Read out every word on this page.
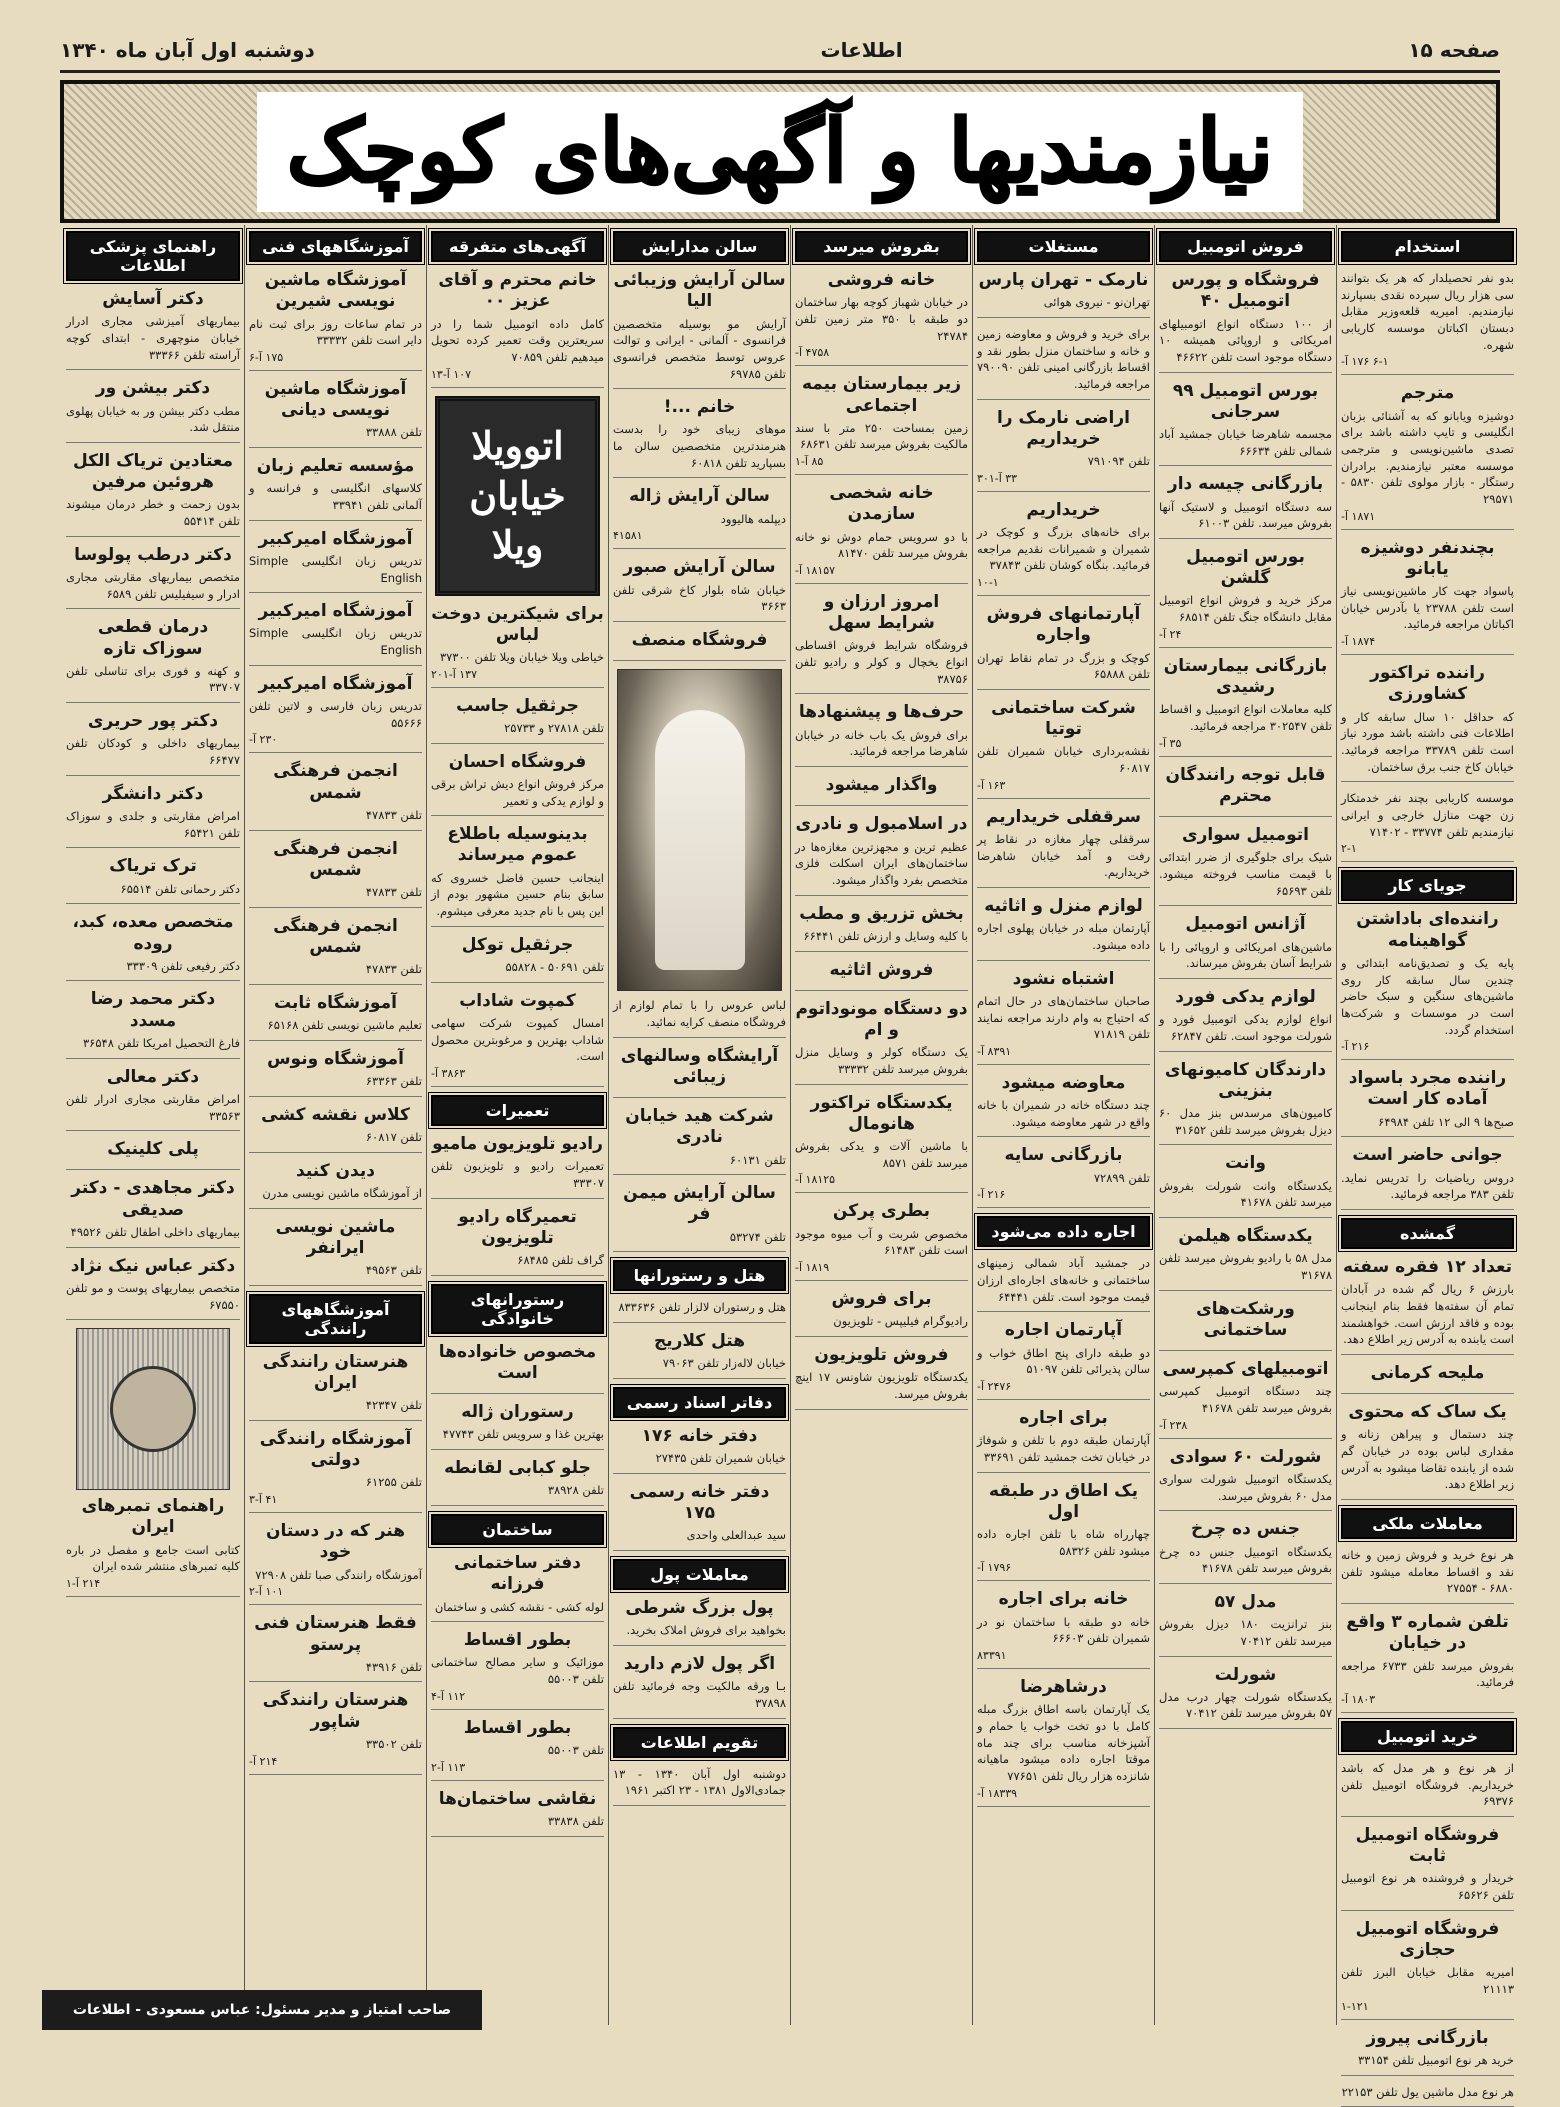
صفحه ۱۵
اطلاعات
دوشنبه اول آبان ماه ۱۳۴۰
نیازمندیها و آگهی‌های کوچک
استخدام

بدو نفر تحصیلدار که هر یک بتوانند سی هزار ریال سپرده نقدی بسپارند نیازمندیم. امیریه قلعه‌وزیر مقابل دبستان اکباتان موسسه کاریابی شهره.

۶-۱ ۱۷۶ آ-
مترجم

دوشیزه ویابانو که به آشنائی بزبان انگلیسی و تایپ داشته باشد برای تصدی ماشین‌نویسی و مترجمی موسسه معتبر نیازمندیم. برادران رستگار - بازار مولوی تلفن ۵۸۳۰ - ۲۹۵۷۱

۱۸۷۱ آ-
بچندنفر دوشیزه یابانو

پاسواد جهت کار ماشین‌نویسی نیاز است تلفن ۲۳۷۸۸ یا بآدرس خیابان اکباتان مراجعه فرمائید.

۱۸۷۴ آ-
راننده تراکتور کشاورزی

که حداقل ۱۰ سال سابقه کار و اطلاعات فنی داشته باشد مورد نیاز است تلفن ۳۳۷۸۹ مراجعه فرمائید. خیابان کاخ جنب برق ساختمان.

موسسه کاریابی بچند نفر خدمتکار زن جهت منازل خارجی و ایرانی نیازمندیم تلفن ۳۳۷۷۴ - ۷۱۴۰۲

۲-۱
جویای کار
راننده‌ای باداشتن گواهینامه

پایه یک و تصدیق‌نامه ابتدائی و چندین سال سابقه کار روی ماشین‌های سنگین و سبک حاضر است در موسسات و شرکت‌ها استخدام گردد.

۲۱۶ آ-
راننده مجرد باسواد آماده کار است

صبح‌ها ۹ الی ۱۲ تلفن ۶۴۹۸۴

جوانی حاضر است

دروس ریاضیات را تدریس نماید. تلفن ۳۸۳ مراجعه فرمائید.

گمشده
تعداد ۱۲ فقره سفته

بارزش ۶ ریال گم شده در آبادان تمام آن سفته‌ها فقط بنام اینجانب بوده و فاقد ارزش است. خواهشمند است یابنده به آدرس زیر اطلاع دهد.

ملیحه کرمانی
یک ساک که محتوی

چند دستمال و پیراهن زنانه و مقداری لباس بوده در خیابان گم شده از یابنده تقاضا میشود به آدرس زیر اطلاع دهد.

معاملات ملکی

هر نوع خرید و فروش زمین و خانه نقد و اقساط معامله میشود تلفن ۶۸۸۰ - ۲۷۵۵۴

تلفن شماره ۳ واقع در خیابان

بفروش میرسد تلفن ۶۷۳۳ مراجعه فرمائید.

۱۸۰۳ آ-
خرید اتومبیل

از هر نوع و هر مدل که باشد خریداریم. فروشگاه اتومبیل تلفن ۶۹۳۷۶

فروشگاه اتومبیل ثابت

خریدار و فروشنده هر نوع اتومبیل تلفن ۶۵۶۲۶

فروشگاه اتومبیل حجازی

امیریه مقابل خیابان البرز تلفن ۲۱۱۱۳

۱-۱۲۱
بازرگانی پیروز

خرید هر نوع اتومبیل تلفن ۳۳۱۵۴

هر نوع مدل ماشین یول تلفن ۲۲۱۵۳

فروش اتومبیل
فروشگاه و پورس اتومبیل ۴۰

از ۱۰۰ دستگاه انواع اتومبیلهای امریکائی و اروپائی همیشه ۱۰ دستگاه موجود است تلفن ۴۶۶۲۲

بورس اتومبیل ۹۹ سرجانی

مجسمه شاهرضا خیابان جمشید آباد شمالی تلفن ۶۶۶۳۴

بازرگانی چیسه دار

سه دستگاه اتومبیل و لاستیک آنها بفروش میرسد. تلفن ۶۱۰۰۳

بورس اتومبیل گلشن

مرکز خرید و فروش انواع اتومبیل مقابل دانشگاه جنگ تلفن ۶۸۵۱۴

۲۴ آ-
بازرگانی بیمارستان رشیدی

کلیه معاملات انواع اتومبیل و اقساط تلفن ۳۰۲۵۴۷ مراجعه فرمائید.

۳۵ آ-
قابل توجه رانندگان محترم
اتومبیل سواری

شیک برای جلوگیری از ضرر ابتدائی با قیمت مناسب فروخته میشود. تلفن ۶۵۶۹۳

آژانس اتومبیل

ماشین‌های امریکائی و اروپائی را با شرایط آسان بفروش میرساند.

لوازم یدکی فورد

انواع لوازم یدکی اتومبیل فورد و شورلت موجود است. تلفن ۶۲۸۴۷

دارندگان کامیونهای بنزینی

کامیون‌های مرسدس بنز مدل ۶۰ دیزل بفروش میرسد تلفن ۳۱۶۵۲

وانت

یکدستگاه وانت شورلت بفروش میرسد تلفن ۴۱۶۷۸

یکدستگاه هیلمن

مدل ۵۸ با رادیو بفروش میرسد تلفن ۳۱۶۷۸

ورشکت‌های ساختمانی
اتومبیلهای کمپرسی

چند دستگاه اتومبیل کمپرسی بفروش میرسد تلفن ۴۱۶۷۸

۲۳۸ آ-
شورلت ۶۰ سوادی

یکدستگاه اتومبیل شورلت سواری مدل ۶۰ بفروش میرسد.

جنس ده چرخ

یکدستگاه اتومبیل جنس ده چرخ بفروش میرسد تلفن ۴۱۶۷۸

مدل ۵۷

بنز ترانزیت ۱۸۰ دیزل بفروش میرسد تلفن ۷۰۴۱۲

شورلت

یکدستگاه شورلت چهار درب مدل ۵۷ بفروش میرسد تلفن ۷۰۴۱۲

مستغلات
نارمک - تهران پارس

تهران‌نو - نیروی هوائی

برای خرید و فروش و معاوضه زمین و خانه و ساختمان منزل بطور نقد و اقساط بازرگانی امینی تلفن ۷۹۰۰۹۰ مراجعه فرمائید.

اراضی نارمک را خریداریم

تلفن ۷۹۱۰۹۴

۳۳ آ-۳۰۱
خریداریم

برای خانه‌های بزرگ و کوچک در شمیران و شمیرانات نقدیم مراجعه فرمائید. بنگاه کوشان تلفن ۳۷۸۴۳

۱۰-۱
آپارتمانهای فروش واجاره

کوچک و بزرگ در تمام نقاط تهران تلفن ۶۵۸۸۸

شرکت ساختمانی توتیا

نقشه‌برداری خیابان شمیران تلفن ۶۰۸۱۷

۱۶۳ آ-
سرقفلی خریداریم

سرقفلی چهار مغازه در نقاط پر رفت و آمد خیابان شاهرضا خریداریم.

لوازم منزل و اثاثیه

آپارتمان مبله در خیابان پهلوی اجاره داده میشود.

اشتباه نشود

صاحبان ساختمان‌های در حال اتمام که احتیاج به وام دارند مراجعه نمایند تلفن ۷۱۸۱۹

۸۳۹۱ آ-
معاوضه میشود

چند دستگاه خانه در شمیران با خانه واقع در شهر معاوضه میشود.

بازرگانی سایه

تلفن ۷۲۸۹۹

۲۱۶ آ-
اجاره داده می‌شود

در جمشید آباد شمالی زمینهای ساختمانی و خانه‌های اجاره‌ای ارزان قیمت موجود است. تلفن ۶۴۴۴۱

آپارتمان اجاره

دو طبقه دارای پنج اطاق خواب و سالن پذیرائی تلفن ۵۱۰۹۷

۲۴۷۶ آ-
برای اجاره

آپارتمان طبقه دوم با تلفن و شوفاژ در خیابان تخت جمشید تلفن ۳۳۶۹۱

یک اطاق در طبقه اول

چهارراه شاه با تلفن اجاره داده میشود تلفن ۵۸۳۲۶

۱۷۹۶ آ-
خانه برای اجاره

خانه دو طبقه با ساختمان نو در شمیران تلفن ۶۶۶۰۳

۸۳۳۹۱
درشاهرضا

یک آپارتمان باسه اطاق بزرگ مبله کامل با دو تخت خواب یا حمام و آشپزخانه مناسب برای چند ماه موقتا اجاره داده میشود ماهیانه شانزده هزار ریال تلفن ۷۷۶۵۱

۱۸۳۳۹ آ-
بفروش میرسد
خانه فروشی

در خیابان شهباز کوچه بهار ساختمان دو طبقه با ۳۵۰ متر زمین تلفن ۲۴۷۸۴

۴۷۵۸ آ-
زیر بیمارستان بیمه اجتماعی

زمین بمساحت ۲۵۰ متر با سند مالکیت بفروش میرسد تلفن ۶۸۶۳۱

۸۵ آ-۱
خانه شخصی سازمدن

با دو سرویس حمام دوش نو خانه بفروش میرسد تلفن ۸۱۴۷۰

۱۸۱۵۷ آ-
امروز ارزان و شرایط سهل

فروشگاه شرایط فروش اقساطی انواع یخچال و کولر و رادیو تلفن ۳۸۷۵۶

حرف‌ها و پیشنهادها

برای فروش یک باب خانه در خیابان شاهرضا مراجعه فرمائید.

واگذار میشود
در اسلامبول و نادری

عظیم ترین و مجهزترین مغازه‌ها در ساختمان‌های ایران اسکلت فلزی متخصص بفرد واگذار میشود.

بخش تزریق و مطب

با کلیه وسایل و ارزش تلفن ۶۶۴۴۱

فروش اثاثیه
دو دستگاه مونوداتوم و ام

یک دستگاه کولر و وسایل منزل بفروش میرسد تلفن ۳۳۳۳۲

یکدستگاه تراکتور هانومال

با ماشین آلات و یدکی بفروش میرسد تلفن ۸۵۷۱

۱۸۱۲۵ آ-
بطری پرکن

مخصوص شربت و آب میوه موجود است تلفن ۶۱۴۸۳

۱۸۱۹ آ-
برای فروش

رادیوگرام فیلیپس - تلویزیون

فروش تلویزیون

یکدستگاه تلویزیون شاونس ۱۷ اینچ بفروش میرسد.

سالن مدارایش
سالن آرایش وزیبائی الیا

آرایش مو بوسیله متخصصین فرانسوی - آلمانی - ایرانی و توالت عروس توسط متخصص فرانسوی تلفن ۶۹۷۸۵

خانم ...!

موهای زیبای خود را بدست هنرمندترین متخصصین سالن ما بسپارید تلفن ۶۰۸۱۸

سالن آرایش ژاله

دیپلمه هالیوود

۴۱۵۸۱
سالن آرایش صبور

خیابان شاه بلوار کاخ شرقی تلفن ۳۶۶۳

فروشگاه منصف

لباس عروس را با تمام لوازم از فروشگاه منصف کرایه نمائید.

آرایشگاه وسالنهای زیبائی
شرکت هید خیابان نادری

تلفن ۶۰۱۳۱

سالن آرایش میمن فر

تلفن ۵۳۲۷۴

هتل و رستورانها

هتل و رستوران لالزار تلفن ۸۳۳۶۳۶

هتل کلاریج

خیابان لاله‌زار تلفن ۷۹۰۶۳

دفاتر اسناد رسمی
دفتر خانه ۱۷۶

خیابان شمیران تلفن ۲۷۴۳۵

دفتر خانه رسمی ۱۷۵

سید عبدالعلی واحدی

معاملات پول
پول بزرگ شرطی

بخواهید برای فروش املاک بخرید.

اگر پول لازم دارید

بـا ورقه مالکیت وجه فرمائید تلفن ۳۷۸۹۸

تقویم اطلاعات

دوشنبه اول آبان ۱۳۴۰ - ۱۳ جمادی‌الاول ۱۳۸۱ - ۲۳ اکتبر ۱۹۶۱

آگهی‌های متفرقه
خانم محترم و آقای عزیز ۰۰

کامل داده اتومبیل شما را در سریعترین وقت تعمیر کرده تحویل میدهیم تلفن ۷۰۸۵۹

۱۰۷ آ-۱۳
اتوویلا خیابان ویلا
برای شیکترین دوخت لباس

خیاطی ویلا خیابان ویلا تلفن ۳۷۳۰۰

۱۳۷ آ-۲۰۱
جرثقیل جاسب

تلفن ۲۷۸۱۸ و ۲۵۷۳۳

فروشگاه احسان

مرکز فروش انواع دیش تراش برقی و لوازم یدکی و تعمیر

بدینوسیله باطلاع عموم میرساند

اینجانب حسین فاضل خسروی که سابق بنام حسین مشهور بودم از این پس با نام جدید معرفی میشوم.

جرثقیل توکل

تلفن ۵۰۶۹۱ - ۵۵۸۲۸

کمپوت شاداب

امسال کمپوت شرکت سهامی شاداب بهترین و مرغوبترین محصول است.

۳۸۶۳ آ-
تعمیرات
رادیو تلویزیون مامیو

تعمیرات رادیو و تلویزیون تلفن ۳۳۳۰۷

تعمیرگاه رادیو تلویزیون

گراف تلفن ۶۸۴۸۵

رستورانهای خانوادگی
مخصوص خانواده‌ها است
رستوران ژاله

بهترین غذا و سرویس تلفن ۴۷۷۴۳

جلو کبابی لقانطه

تلفن ۳۸۹۲۸

ساختمان
دفتر ساختمانی فرزانه

لوله کشی - نقشه کشی و ساختمان

بطور اقساط

موزائیک و سایر مصالح ساختمانی تلفن ۵۵۰۰۳

۱۱۲ آ-۴
بطور اقساط

تلفن ۵۵۰۰۳

۱۱۳ آ-۲
نقاشی ساختمان‌ها

تلفن ۳۳۸۳۸

آموزشگاههای فنی
آموزشگاه ماشین نویسی شیرین

در تمام ساعات روز برای ثبت نام دایر است تلفن ۳۳۳۳۲

۱۷۵ آ-۶
آموزشگاه ماشین نویسی دیانی

تلفن ۳۳۸۸۸

مؤسسه تعلیم زبان

کلاسهای انگلیسی و فرانسه و آلمانی تلفن ۳۳۹۴۱

آموزشگاه امیرکبیر

تدریس زبان انگلیسی Simple English

آموزشگاه امیرکبیر

تدریس زبان انگلیسی Simple English

آموزشگاه امیرکبیر

تدریس زبان فارسی و لاتین تلفن ۵۵۶۶۶

۲۳۰ آ-
انجمن فرهنگی شمس

تلفن ۴۷۸۳۳

انجمن فرهنگی شمس

تلفن ۴۷۸۳۳

انجمن فرهنگی شمس

تلفن ۴۷۸۳۳

آموزشگاه ثابت

تعلیم ماشین نویسی تلفن ۶۵۱۶۸

آموزشگاه ونوس

تلفن ۶۳۳۶۳

کلاس نقشه کشی

تلفن ۶۰۸۱۷

دیدن کنید

از آموزشگاه ماشین نویسی مدرن

ماشین نویسی ایرانفر

تلفن ۴۹۵۶۳

آموزشگاههای رانندگی
هنرستان رانندگی ایران

تلفن ۴۲۳۴۷

آموزشگاه رانندگی دولتی

تلفن ۶۱۲۵۵

۴۱ آ-۳
هنر که در دستان خود

آموزشگاه رانندگی صبا تلفن ۷۲۹۰۸

۱۰۱ آ-۲
فقط هنرستان فنی پرستو

تلفن ۴۳۹۱۶

هنرستان رانندگی شاپور

تلفن ۳۳۵۰۲

۲۱۴ آ-
راهنمای پزشکی اطلاعات
دکتر آسایش

بیماریهای آمیزشی مجاری ادرار خیابان منوچهری - ابتدای کوچه آراسته تلفن ۳۳۳۶۶

دکتر بیشن ور

مطب دکتر بیشن ور به خیابان پهلوی منتقل شد.

معتادین تریاک الکل هروئین مرفین

بدون زحمت و خطر درمان میشوند تلفن ۵۵۴۱۴

دکتر درطب پولوسا

متخصص بیماریهای مقاربتی مجاری ادرار و سیفیلیس تلفن ۶۵۸۹

درمان قطعی سوزاک تازه

و کهنه و فوری برای تناسلی تلفن ۳۳۷۰۷

دکتر پور حریری

بیماریهای داخلی و کودکان تلفن ۶۶۴۷۷

دکتر دانشگر

امراض مقاربتی و جلدی و سوزاک تلفن ۶۵۴۲۱

ترک تریاک

دکتر رحمانی تلفن ۶۵۵۱۴

متخصص معده، کبد، روده

دکتر رفیعی تلفن ۳۳۳۰۹

دکتر محمد رضا مسدد

فارغ التحصیل امریکا تلفن ۳۶۵۴۸

دکتر معالی

امراض مقاربتی مجاری ادرار تلفن ۳۳۵۶۳

پلی کلینیک
دکتر مجاهدی - دکتر صدیقی

بیماریهای داخلی اطفال تلفن ۴۹۵۲۶

دکتر عباس نیک نژاد

متخصص بیماریهای پوست و مو تلفن ۶۷۵۵۰

راهنمای تمبرهای ایران

کتابی است جامع و مفصل در باره کلیه تمبرهای منتشر شده ایران

۲۱۴ آ-۱
صاحب امتیاز و مدیر مسئول: عباس مسعودی - اطلاعات
